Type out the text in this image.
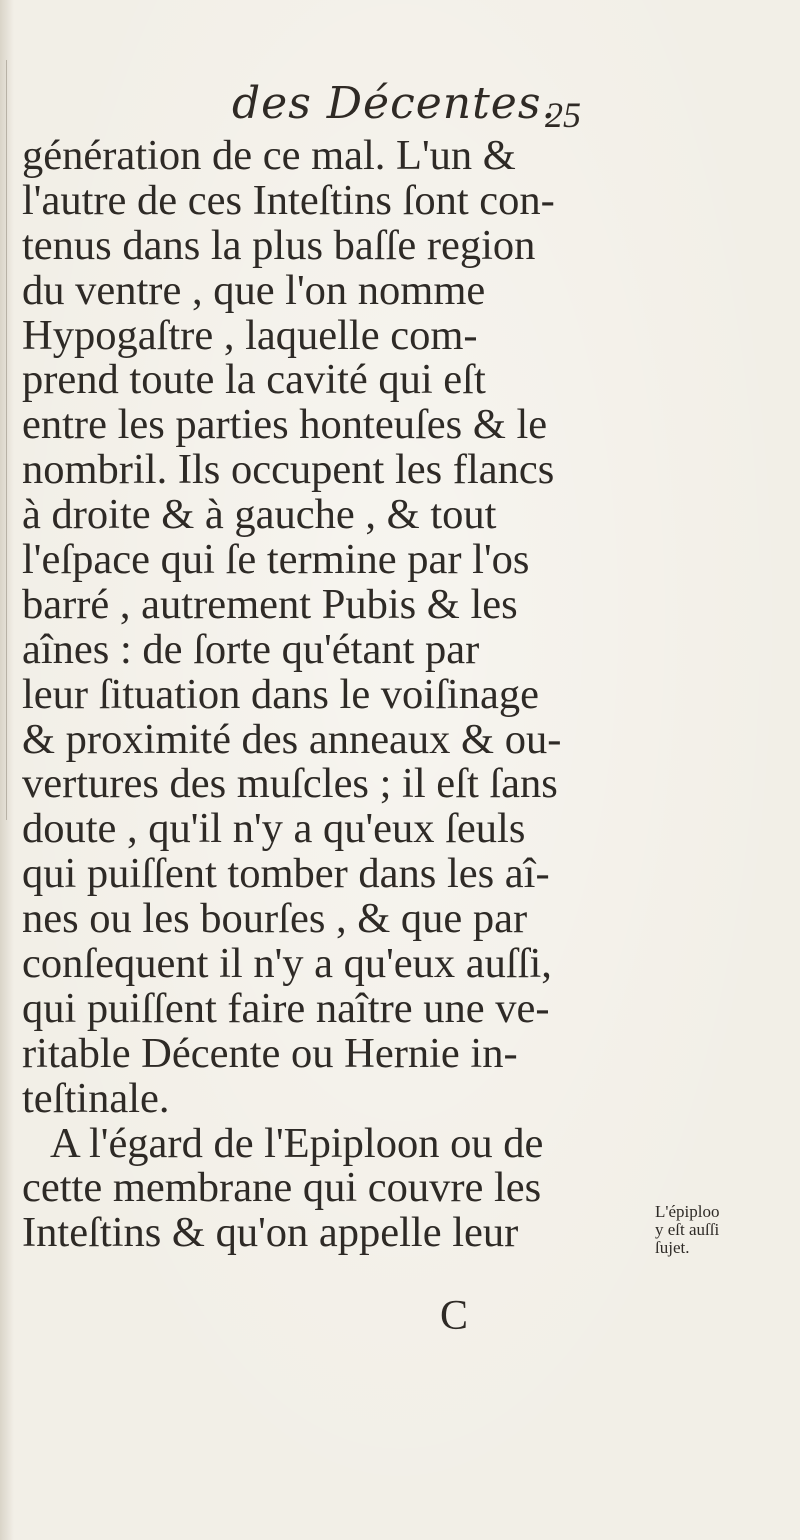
des Décentes.
25
génération de ce mal. L'un &
l'autre de ces Inteſtins ſont con-
tenus dans la plus baſſe region
du ventre , que l'on nomme
Hypogaſtre , laquelle com-
prend toute la cavité qui eſt
entre les parties honteuſes & le
nombril. Ils occupent les flancs
à droite & à gauche , & tout
l'eſpace qui ſe termine par l'os
barré , autrement Pubis & les
aînes : de ſorte qu'étant par
leur ſituation dans le voiſinage
& proximité des anneaux & ou-
vertures des muſcles ; il eſt ſans
doute , qu'il n'y a qu'eux ſeuls
qui puiſſent tomber dans les aî-
nes ou les bourſes , & que par
conſequent il n'y a qu'eux auſſi,
qui puiſſent faire naître une ve-
ritable Décente ou Hernie in-
teſtinale.
A l'égard de l'Epiploon ou de
cette membrane qui couvre les
Inteſtins & qu'on appelle leur	L'épiploo
y eſt auſſi
ſujet.
C
